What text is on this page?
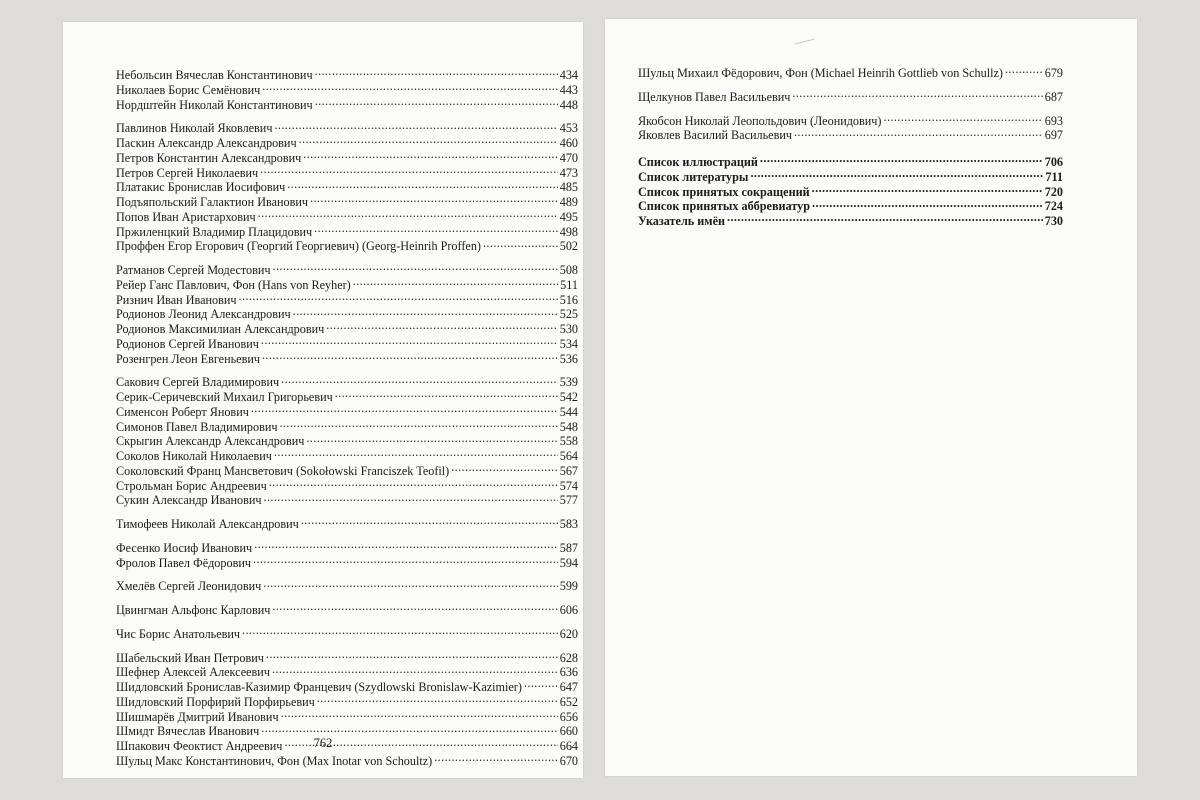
Небольсин Вячеслав Константинович .....	434
Николаев Борис Семёнович .....	443
Нордштейн Николай Константинович .....	448
Павлинов Николай Яковлевич .....	453
Паскин Александр Александрович .....	460
Петров Константин Александрович .....	470
Петров Сергей Николаевич .....	473
Платакис Бронислав Иосифович .....	485
Подъяпольский Галактион Иванович .....	489
Попов Иван Аристархович .....	495
Пржиленцкий Владимир Плацидович .....	498
Проффен Егор Егорович (Георгий Георгиевич) (Georg-Heinrih Proffen) .....	502
Ратманов Сергей Модестович .....	508
Рейер Ганс Павлович, Фон (Hans von Reyher) .....	511
Ризнич Иван Иванович .....	516
Родионов Леонид Александрович .....	525
Родионов Максимилиан Александрович .....	530
Родионов Сергей Иванович .....	534
Розенгрен Леон Евгеньевич .....	536
Сакович Сергей Владимирович .....	539
Серик-Серичевский Михаил Григорьевич .....	542
Сименсон Роберт Янович .....	544
Симонов Павел Владимирович .....	548
Скрыгин Александр Александрович .....	558
Соколов Николай Николаевич .....	564
Соколовский Франц Мансветович (Sokołowski Franciszek Teofil) .....	567
Строльман Борис Андреевич .....	574
Сукин Александр Иванович .....	577
Тимофеев Николай Александрович .....	583
Фесенко Иосиф Иванович .....	587
Фролов Павел Фёдорович .....	594
Хмелёв Сергей Леонидович .....	599
Цвингман Альфонс Карлович .....	606
Чис Борис Анатольевич .....	620
Шабельский Иван Петрович .....	628
Шефнер Алексей Алексеевич .....	636
Шидловский Бронислав-Казимир Францевич (Szydlowski Bronislaw-Kazimier) .....	647
Шидловский Порфирий Порфирьевич .....	652
Шишмарёв Дмитрий Иванович .....	656
Шмидт Вячеслав Иванович .....	660
Шпакович Феоктист Андреевич .....	664
Шульц Макс Константинович, Фон (Max Inotar von Schoultz) .....	670
762
Шульц Михаил Фёдорович, Фон (Michael Heinrih Gottlieb von Schullz) .....	679
Щелкунов Павел Васильевич .....	687
Якобсон Николай Леопольдович (Леонидович) .....	693
Яковлев Василий Васильевич .....	697
Список иллюстраций .....	706
Список литературы .....	711
Список принятых сокращений .....	720
Список принятых аббревиатур .....	724
Указатель имён .....	730
